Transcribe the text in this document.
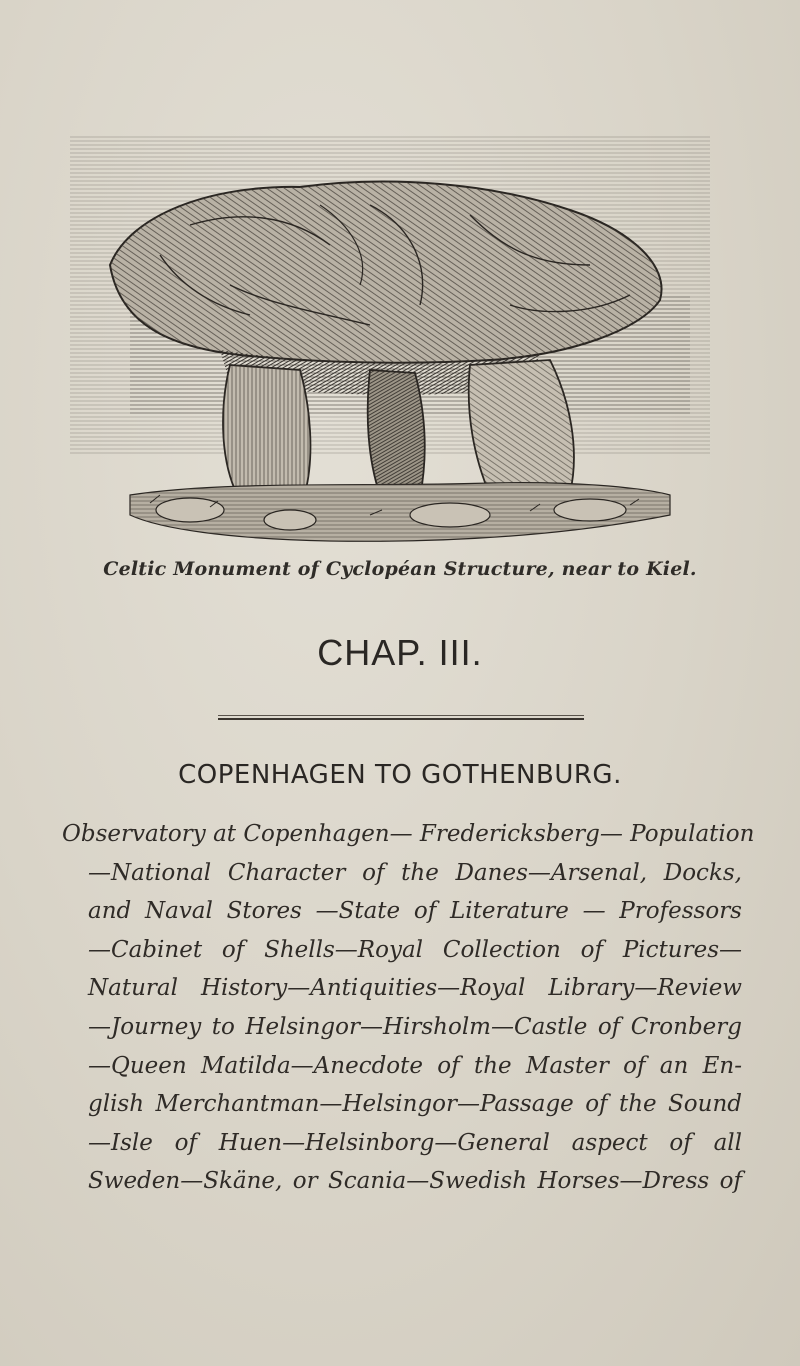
Celtic Monument of Cyclopéan Structure, near to Kiel.
CHAP. III.
COPENHAGEN TO GOTHENBURG.
Observatory at Copenhagen— Fredericksberg— Population
—National Character of the Danes—Arsenal, Docks,
and Naval Stores —State of Literature — Professors
—Cabinet of Shells—Royal Collection of Pictures—
Natural History—Antiquities—Royal Library—Review
—Journey to Helsingor—Hirsholm—Castle of Cronberg
—Queen Matilda—Anecdote of the Master of an En-
glish Merchantman—Helsingor—Passage of the Sound
—Isle of Huen—Helsinborg—General aspect of all
Sweden—Skäne, or Scania—Swedish Horses—Dress of
